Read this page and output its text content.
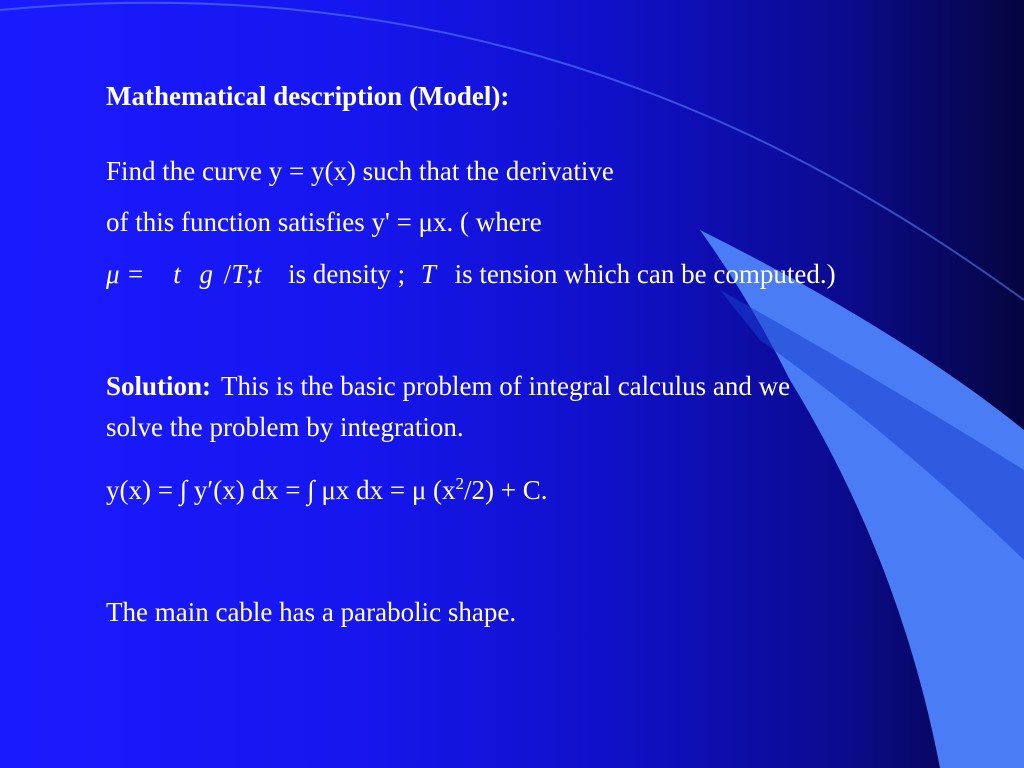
Mathematical description (Model):
Find the curve y = y(x) such that the derivative
of this function satisfies y' = μx. ( where
μ = t g /T;t is density ; T is tension which can be computed.)
Solution: This is the basic problem of integral calculus and we
solve the problem by integration.
y(x) = ∫ y′(x) dx = ∫ μx dx = μ $(x^2/2) + C$.
The main cable has a parabolic shape.
